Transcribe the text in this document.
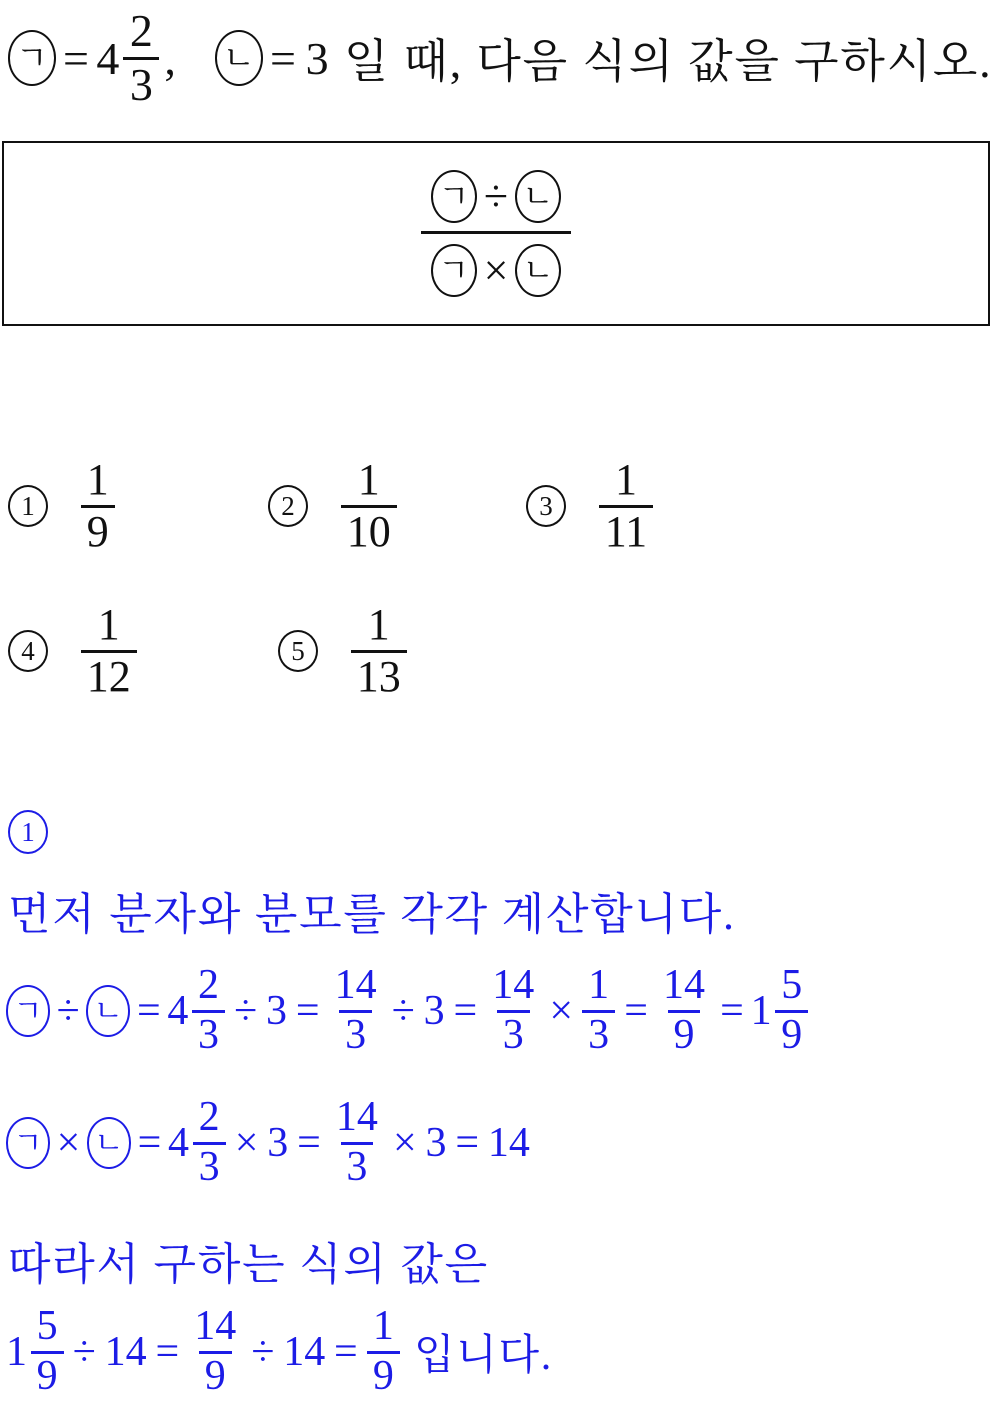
ㄱ = $4 \frac{2}{3}$ , ㄴ = 3 일 때, 다음 식의 값을 구하시오.
$\frac{\text{ㄱ ÷ ㄴ}}{\text{ㄱ × ㄴ}}$
1	$\frac{1}{9}$	2	$\frac{1}{10}$	3	$\frac{1}{11}$
4	$\frac{1}{12}$	5	$\frac{1}{13}$
1
먼저 분자와 분모를 각각 계산합니다.
ㄱ ÷ ㄴ = $4 \frac{2}{3} \div 3 = \frac{14}{3} \div 3 = \frac{14}{3} \times \frac{1}{3} = \frac{14}{9} = 1 \frac{5}{9}$
ㄱ × ㄴ = $4 \frac{2}{3} \times 3 = \frac{14}{3} \times 3 = 14$
따라서 구하는 식의 값은
$1 \frac{5}{9} \div 14 = \frac{14}{9} \div 14 = \frac{1}{9}$ 입니다.
